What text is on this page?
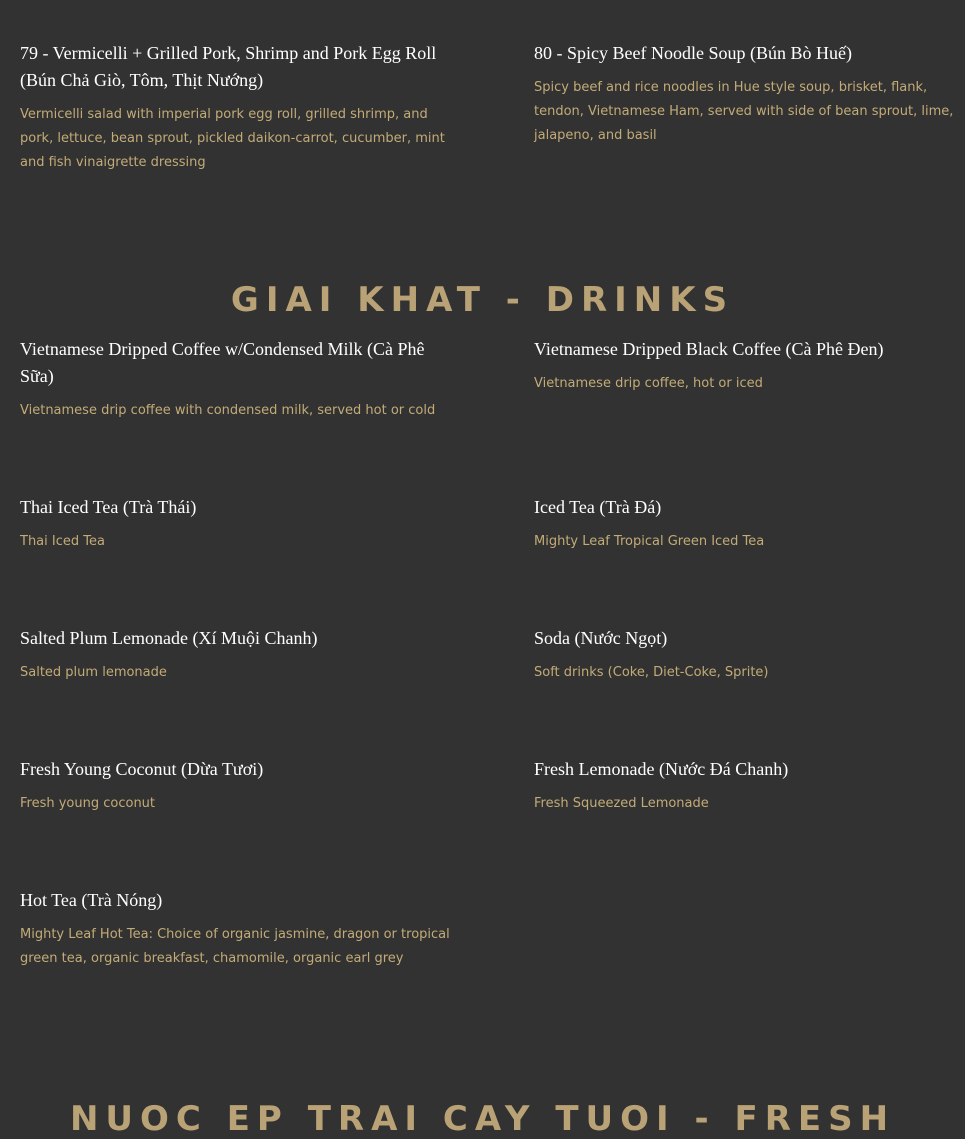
79 - Vermicelli + Grilled Pork, Shrimp and Pork Egg Roll (Bún Chả Giò, Tôm, Thịt Nướng)

Vermicelli salad with imperial pork egg roll, grilled shrimp, and pork, lettuce, bean sprout, pickled daikon-carrot, cucumber, mint and fish vinaigrette dressing

80 - Spicy Beef Noodle Soup (Bún Bò Huế)

Spicy beef and rice noodles in Hue style soup, brisket, flank, tendon, Vietnamese Ham, served with side of bean sprout, lime, jalapeno, and basil

GIAI KHAT - DRINKS

Vietnamese Dripped Coffee w/Condensed Milk (Cà Phê Sữa)

Vietnamese drip coffee with condensed milk, served hot or cold

Vietnamese Dripped Black Coffee (Cà Phê Đen)

Vietnamese drip coffee, hot or iced

Thai Iced Tea (Trà Thái)

Thai Iced Tea

Iced Tea (Trà Đá)

Mighty Leaf Tropical Green Iced Tea

Salted Plum Lemonade (Xí Muội Chanh)

Salted plum lemonade

Soda (Nước Ngọt)

Soft drinks (Coke, Diet-Coke, Sprite)

Fresh Young Coconut (Dừa Tươi)

Fresh young coconut

Fresh Lemonade (Nước Đá Chanh)

Fresh Squeezed Lemonade

Hot Tea (Trà Nóng)

Mighty Leaf Hot Tea: Choice of organic jasmine, dragon or tropical green tea, organic breakfast, chamomile, organic earl grey

NUOC EP TRAI CAY TUOI - FRESH
